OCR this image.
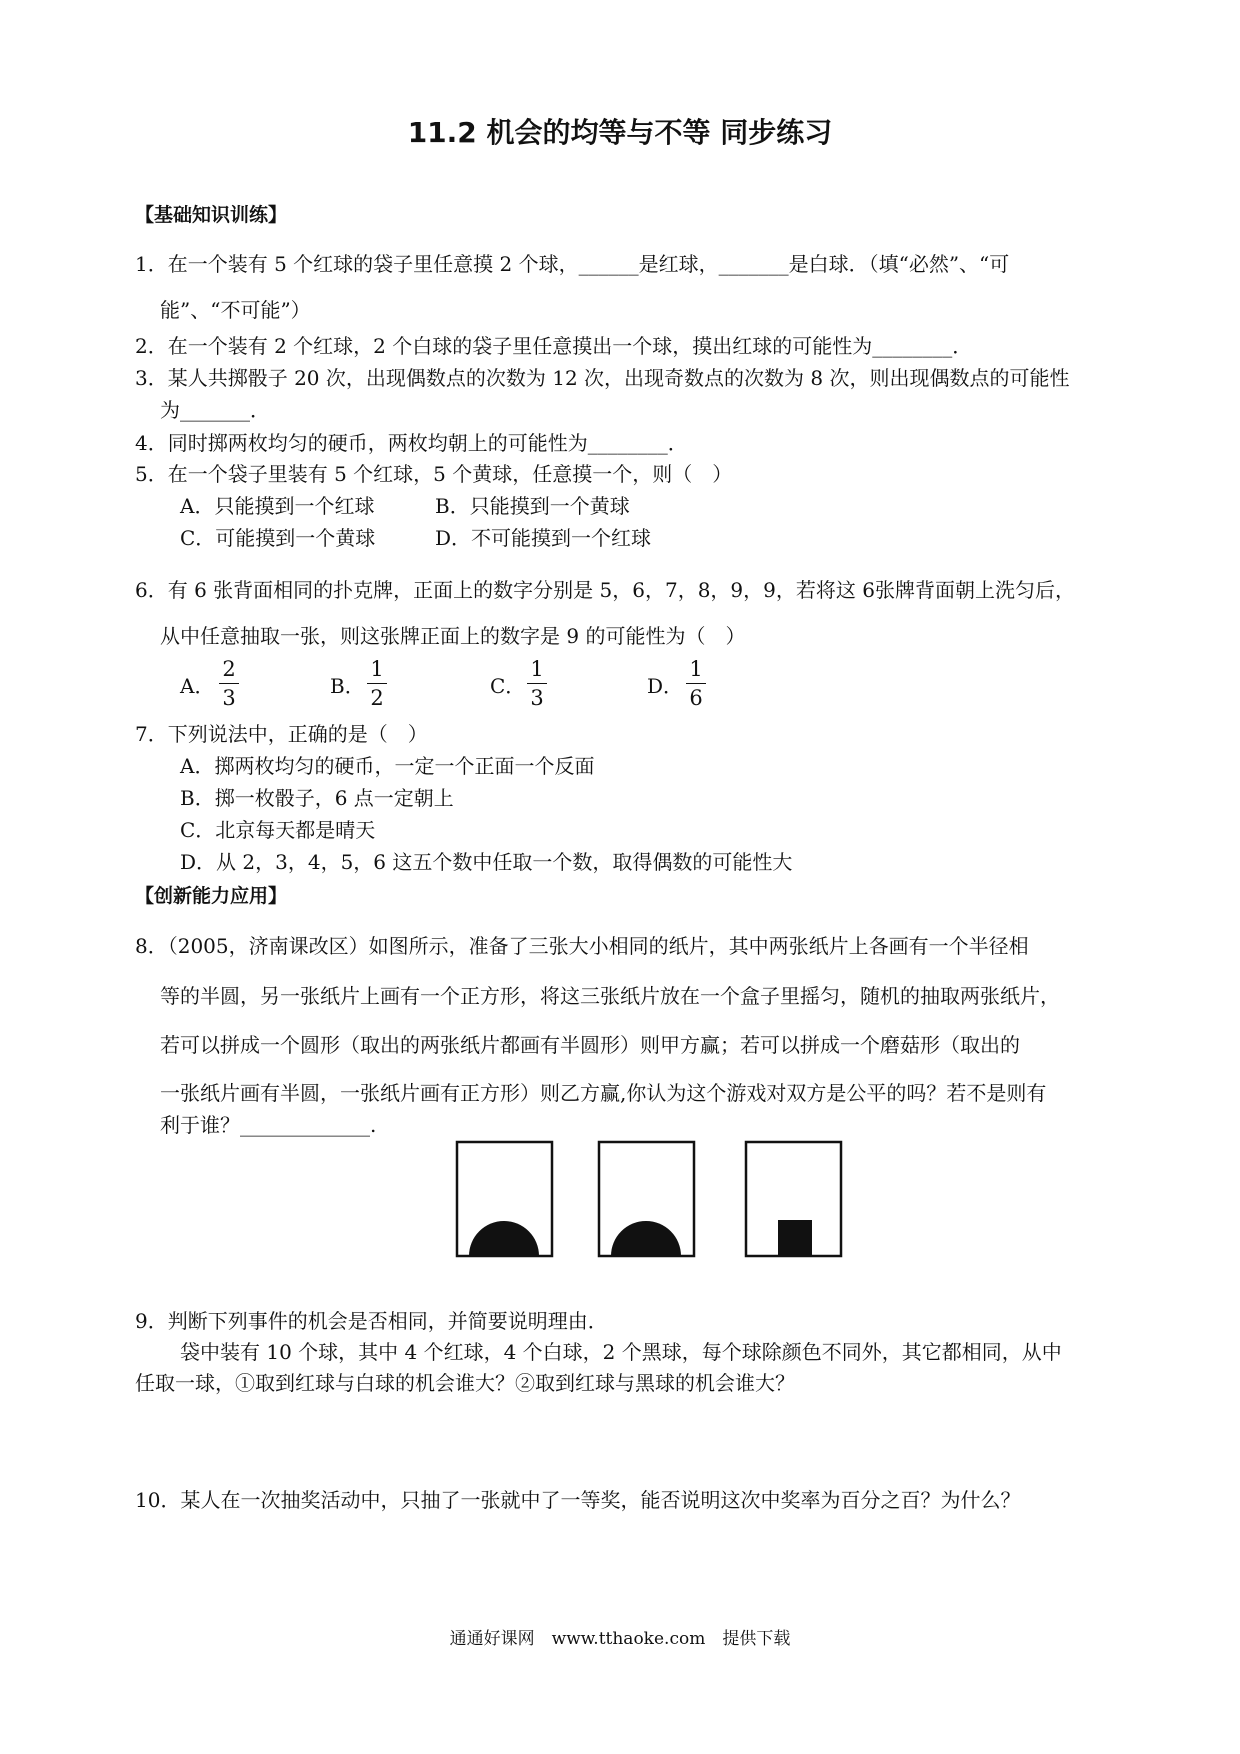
11.2 机会的均等与不等 同步练习
【基础知识训练】
1．在一个装有 5 个红球的袋子里任意摸 2 个球，______是红球，_______是白球．（填“必然”、“可
能”、“不可能”）
2．在一个装有 2 个红球，2 个白球的袋子里任意摸出一个球，摸出红球的可能性为________．
3．某人共掷骰子 20 次，出现偶数点的次数为 12 次，出现奇数点的次数为 8 次，则出现偶数点的可能性
为_______．
4．同时掷两枚均匀的硬币，两枚均朝上的可能性为________．
5．在一个袋子里装有 5 个红球，5 个黄球，任意摸一个，则（　）
A．只能摸到一个红球	B．只能摸到一个黄球
C．可能摸到一个黄球	D．不可能摸到一个红球
6．有 6 张背面相同的扑克牌，正面上的数字分别是 5，6，7，8，9，9，若将这 6张牌背面朝上洗匀后，
从中任意抽取一张，则这张牌正面上的数字是 9 的可能性为（　）
A．
2
3	B．
1
2	C．
1
3	D．
1
6
7．下列说法中，正确的是（　）
A．掷两枚均匀的硬币，一定一个正面一个反面
B．掷一枚骰子，6 点一定朝上
C．北京每天都是晴天
D．从 2，3，4，5，6 这五个数中任取一个数，取得偶数的可能性大
【创新能力应用】
8．（2005，济南课改区）如图所示，准备了三张大小相同的纸片，其中两张纸片上各画有一个半径相
等的半圆，另一张纸片上画有一个正方形，将这三张纸片放在一个盒子里摇匀，随机的抽取两张纸片，
若可以拼成一个圆形（取出的两张纸片都画有半圆形）则甲方赢；若可以拼成一个磨菇形（取出的
一张纸片画有半圆，一张纸片画有正方形）则乙方赢,你认为这个游戏对双方是公平的吗？若不是则有
利于谁？_____________.
9．判断下列事件的机会是否相同，并简要说明理由．
袋中装有 10 个球，其中 4 个红球，4 个白球，2 个黑球，每个球除颜色不同外，其它都相同，从中
任取一球，①取到红球与白球的机会谁大？②取到红球与黑球的机会谁大？
10．某人在一次抽奖活动中，只抽了一张就中了一等奖，能否说明这次中奖率为百分之百？为什么？
通通好课网　www.tthaoke.com　提供下载
